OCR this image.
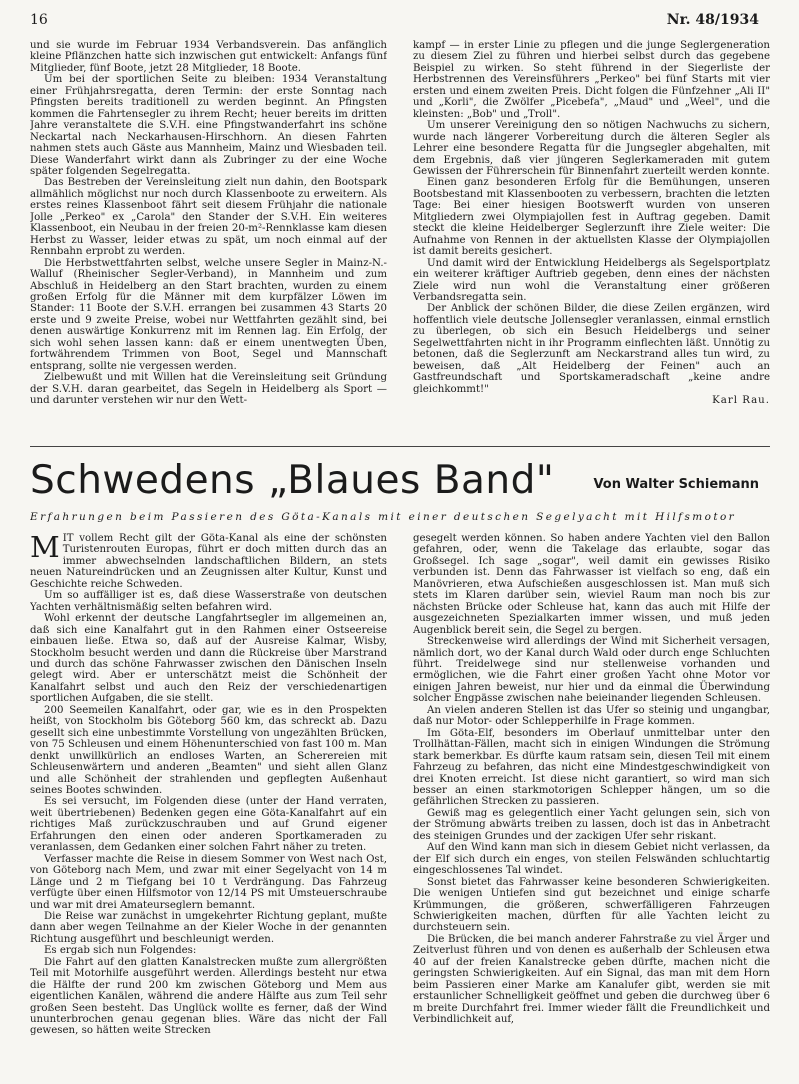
16	Nr. 48/1934

und sie wurde im Februar 1934 Verbandsverein. Das anfänglich kleine Pflänzchen hatte sich inzwischen gut entwickelt: Anfangs fünf Mitglieder, fünf Boote, jetzt 28 Mitglieder, 18 Boote.

Um bei der sportlichen Seite zu bleiben: 1934 Veranstaltung einer Frühjahrsregatta, deren Termin: der erste Sonntag nach Pfingsten bereits traditionell zu werden beginnt. An Pfingsten kommen die Fahrtensegler zu ihrem Recht; heuer bereits im dritten Jahre veranstaltete die S.V.H. eine Pfingstwanderfahrt ins schöne Neckartal nach Neckarhausen-Hirschhorn. An diesen Fahrten nahmen stets auch Gäste aus Mannheim, Mainz und Wiesbaden teil. Diese Wanderfahrt wirkt dann als Zubringer zu der eine Woche später folgenden Segelregatta.

Das Bestreben der Vereinsleitung zielt nun dahin, den Bootspark allmählich möglichst nur noch durch Klassenboote zu erweitern. Als erstes reines Klassenboot fährt seit diesem Frühjahr die nationale Jolle „Perkeo" ex „Carola" den Stander der S.V.H. Ein weiteres Klassenboot, ein Neubau in der freien 20-m²-Rennklasse kam diesen Herbst zu Wasser, leider etwas zu spät, um noch einmal auf der Rennbahn erprobt zu werden.

Die Herbstwettfahrten selbst, welche unsere Segler in Mainz-N.-Walluf (Rheinischer Segler-Verband), in Mannheim und zum Abschluß in Heidelberg an den Start brachten, wurden zu einem großen Erfolg für die Männer mit dem kurpfälzer Löwen im Stander: 11 Boote der S.V.H. errangen bei zusammen 43 Starts 20 erste und 9 zweite Preise, wobei nur Wettfahrten gezählt sind, bei denen auswärtige Konkurrenz mit im Rennen lag. Ein Erfolg, der sich wohl sehen lassen kann: daß er einem unentwegten Üben, fortwährendem Trimmen von Boot, Segel und Mannschaft entsprang, sollte nie vergessen werden.

Zielbewußt und mit Willen hat die Vereinsleitung seit Gründung der S.V.H. daran gearbeitet, das Segeln in Heidelberg als Sport — und darunter verstehen wir nur den Wett-

kampf — in erster Linie zu pflegen und die junge Seglergeneration zu diesem Ziel zu führen und hierbei selbst durch das gegebene Beispiel zu wirken. So steht führend in der Siegerliste der Herbstrennen des Vereinsführers „Perkeo" bei fünf Starts mit vier ersten und einem zweiten Preis. Dicht folgen die Fünfzehner „Ali II" und „Korli", die Zwölfer „Picebefa", „Maud" und „Weel", und die kleinsten: „Bob" und „Troll".

Um unserer Vereinigung den so nötigen Nachwuchs zu sichern, wurde nach längerer Vorbereitung durch die älteren Segler als Lehrer eine besondere Regatta für die Jungsegler abgehalten, mit dem Ergebnis, daß vier jüngeren Seglerkameraden mit gutem Gewissen der Führerschein für Binnenfahrt zuerteilt werden konnte.

Einen ganz besonderen Erfolg für die Bemühungen, unseren Bootsbestand mit Klassenbooten zu verbessern, brachten die letzten Tage: Bei einer hiesigen Bootswerft wurden von unseren Mitgliedern zwei Olympiajollen fest in Auftrag gegeben. Damit steckt die kleine Heidelberger Seglerzunft ihre Ziele weiter: Die Aufnahme von Rennen in der aktuellsten Klasse der Olympiajollen ist damit bereits gesichert.

Und damit wird der Entwicklung Heidelbergs als Segelsportplatz ein weiterer kräftiger Auftrieb gegeben, denn eines der nächsten Ziele wird nun wohl die Veranstaltung einer größeren Verbandsregatta sein.

Der Anblick der schönen Bilder, die diese Zeilen ergänzen, wird hoffentlich viele deutsche Jollensegler veranlassen, einmal ernstlich zu überlegen, ob sich ein Besuch Heidelbergs und seiner Segelwettfahrten nicht in ihr Programm einflechten läßt. Unnötig zu betonen, daß die Seglerzunft am Neckarstrand alles tun wird, zu beweisen, daß „Alt Heidelberg der Feinen" auch an Gastfreundschaft und Sportskameradschaft „keine andre gleichkommt!"

Karl Rau.

Schwedens „Blaues Band"	Von Walter Schiemann

Erfahrungen beim Passieren des Göta-Kanals mit einer deutschen Segelyacht mit Hilfsmotor

M IT vollem Recht gilt der Göta-Kanal als eine der schönsten Turistenrouten Europas, führt er doch mitten durch das an immer abwechselnden landschaftlichen Bildern, an stets neuen Natureindrücken und an Zeugnissen alter Kultur, Kunst und Geschichte reiche Schweden.

Um so auffälliger ist es, daß diese Wasserstraße von deutschen Yachten verhältnismäßig selten befahren wird.

Wohl erkennt der deutsche Langfahrtsegler im allgemeinen an, daß sich eine Kanalfahrt gut in den Rahmen einer Ostseereise einbauen ließe. Etwa so, daß auf der Ausreise Kalmar, Wisby, Stockholm besucht werden und dann die Rückreise über Marstrand und durch das schöne Fahrwasser zwischen den Dänischen Inseln gelegt wird. Aber er unterschätzt meist die Schönheit der Kanalfahrt selbst und auch den Reiz der verschiedenartigen sportlichen Aufgaben, die sie stellt.

200 Seemeilen Kanalfahrt, oder gar, wie es in den Prospekten heißt, von Stockholm bis Göteborg 560 km, das schreckt ab. Dazu gesellt sich eine unbestimmte Vorstellung von ungezählten Brücken, von 75 Schleusen und einem Höhenunterschied von fast 100 m. Man denkt unwillkürlich an endloses Warten, an Scherereien mit Schleusenwärtern und anderen „Beamten" und sieht allen Glanz und alle Schönheit der strahlenden und gepflegten Außenhaut seines Bootes schwinden.

Es sei versucht, im Folgenden diese (unter der Hand verraten, weit übertriebenen) Bedenken gegen eine Göta-Kanalfahrt auf ein richtiges Maß zurückzuschrauben und auf Grund eigener Erfahrungen den einen oder anderen Sportkameraden zu veranlassen, dem Gedanken einer solchen Fahrt näher zu treten.

Verfasser machte die Reise in diesem Sommer von West nach Ost, von Göteborg nach Mem, und zwar mit einer Segelyacht von 14 m Länge und 2 m Tiefgang bei 10 t Verdrängung. Das Fahrzeug verfügte über einen Hilfsmotor von 12/14 PS mit Umsteuerschraube und war mit drei Amateurseglern bemannt.

Die Reise war zunächst in umgekehrter Richtung geplant, mußte dann aber wegen Teilnahme an der Kieler Woche in der genannten Richtung ausgeführt und beschleunigt werden.

Es ergab sich nun Folgendes:

Die Fahrt auf den glatten Kanalstrecken mußte zum allergrößten Teil mit Motorhilfe ausgeführt werden. Allerdings besteht nur etwa die Hälfte der rund 200 km zwischen Göteborg und Mem aus eigentlichen Kanälen, während die andere Hälfte aus zum Teil sehr großen Seen besteht. Das Unglück wollte es ferner, daß der Wind ununterbrochen genau gegenan blies. Wäre das nicht der Fall gewesen, so hätten weite Strecken

gesegelt werden können. So haben andere Yachten viel den Ballon gefahren, oder, wenn die Takelage das erlaubte, sogar das Großsegel. Ich sage „sogar", weil damit ein gewisses Risiko verbunden ist. Denn das Fahrwasser ist vielfach so eng, daß ein Manövrieren, etwa Aufschießen ausgeschlossen ist. Man muß sich stets im Klaren darüber sein, wieviel Raum man noch bis zur nächsten Brücke oder Schleuse hat, kann das auch mit Hilfe der ausgezeichneten Spezialkarten immer wissen, und muß jeden Augenblick bereit sein, die Segel zu bergen.

Streckenweise wird allerdings der Wind mit Sicherheit versagen, nämlich dort, wo der Kanal durch Wald oder durch enge Schluchten führt. Treidelwege sind nur stellenweise vorhanden und ermöglichen, wie die Fahrt einer großen Yacht ohne Motor vor einigen Jahren beweist, nur hier und da einmal die Überwindung solcher Engpässe zwischen nahe beieinander liegenden Schleusen.

An vielen anderen Stellen ist das Ufer so steinig und ungangbar, daß nur Motor- oder Schlepperhilfe in Frage kommen.

Im Göta-Elf, besonders im Oberlauf unmittelbar unter den Trollhättan-Fällen, macht sich in einigen Windungen die Strömung stark bemerkbar. Es dürfte kaum ratsam sein, diesen Teil mit einem Fahrzeug zu befahren, das nicht eine Mindestgeschwindigkeit von drei Knoten erreicht. Ist diese nicht garantiert, so wird man sich besser an einen starkmotorigen Schlepper hängen, um so die gefährlichen Strecken zu passieren.

Gewiß mag es gelegentlich einer Yacht gelungen sein, sich von der Strömung abwärts treiben zu lassen, doch ist das in Anbetracht des steinigen Grundes und der zackigen Ufer sehr riskant.

Auf den Wind kann man sich in diesem Gebiet nicht verlassen, da der Elf sich durch ein enges, von steilen Felswänden schluchtartig eingeschlossenes Tal windet.

Sonst bietet das Fahrwasser keine besonderen Schwierigkeiten. Die wenigen Untiefen sind gut bezeichnet und einige scharfe Krümmungen, die größeren, schwerfälligeren Fahrzeugen Schwierigkeiten machen, dürften für alle Yachten leicht zu durchsteuern sein.

Die Brücken, die bei manch anderer Fahrstraße zu viel Ärger und Zeitverlust führen und von denen es außerhalb der Schleusen etwa 40 auf der freien Kanalstrecke geben dürfte, machen nicht die geringsten Schwierigkeiten. Auf ein Signal, das man mit dem Horn beim Passieren einer Marke am Kanalufer gibt, werden sie mit erstaunlicher Schnelligkeit geöffnet und geben die durchweg über 6 m breite Durchfahrt frei. Immer wieder fällt die Freundlichkeit und Verbindlichkeit auf,
